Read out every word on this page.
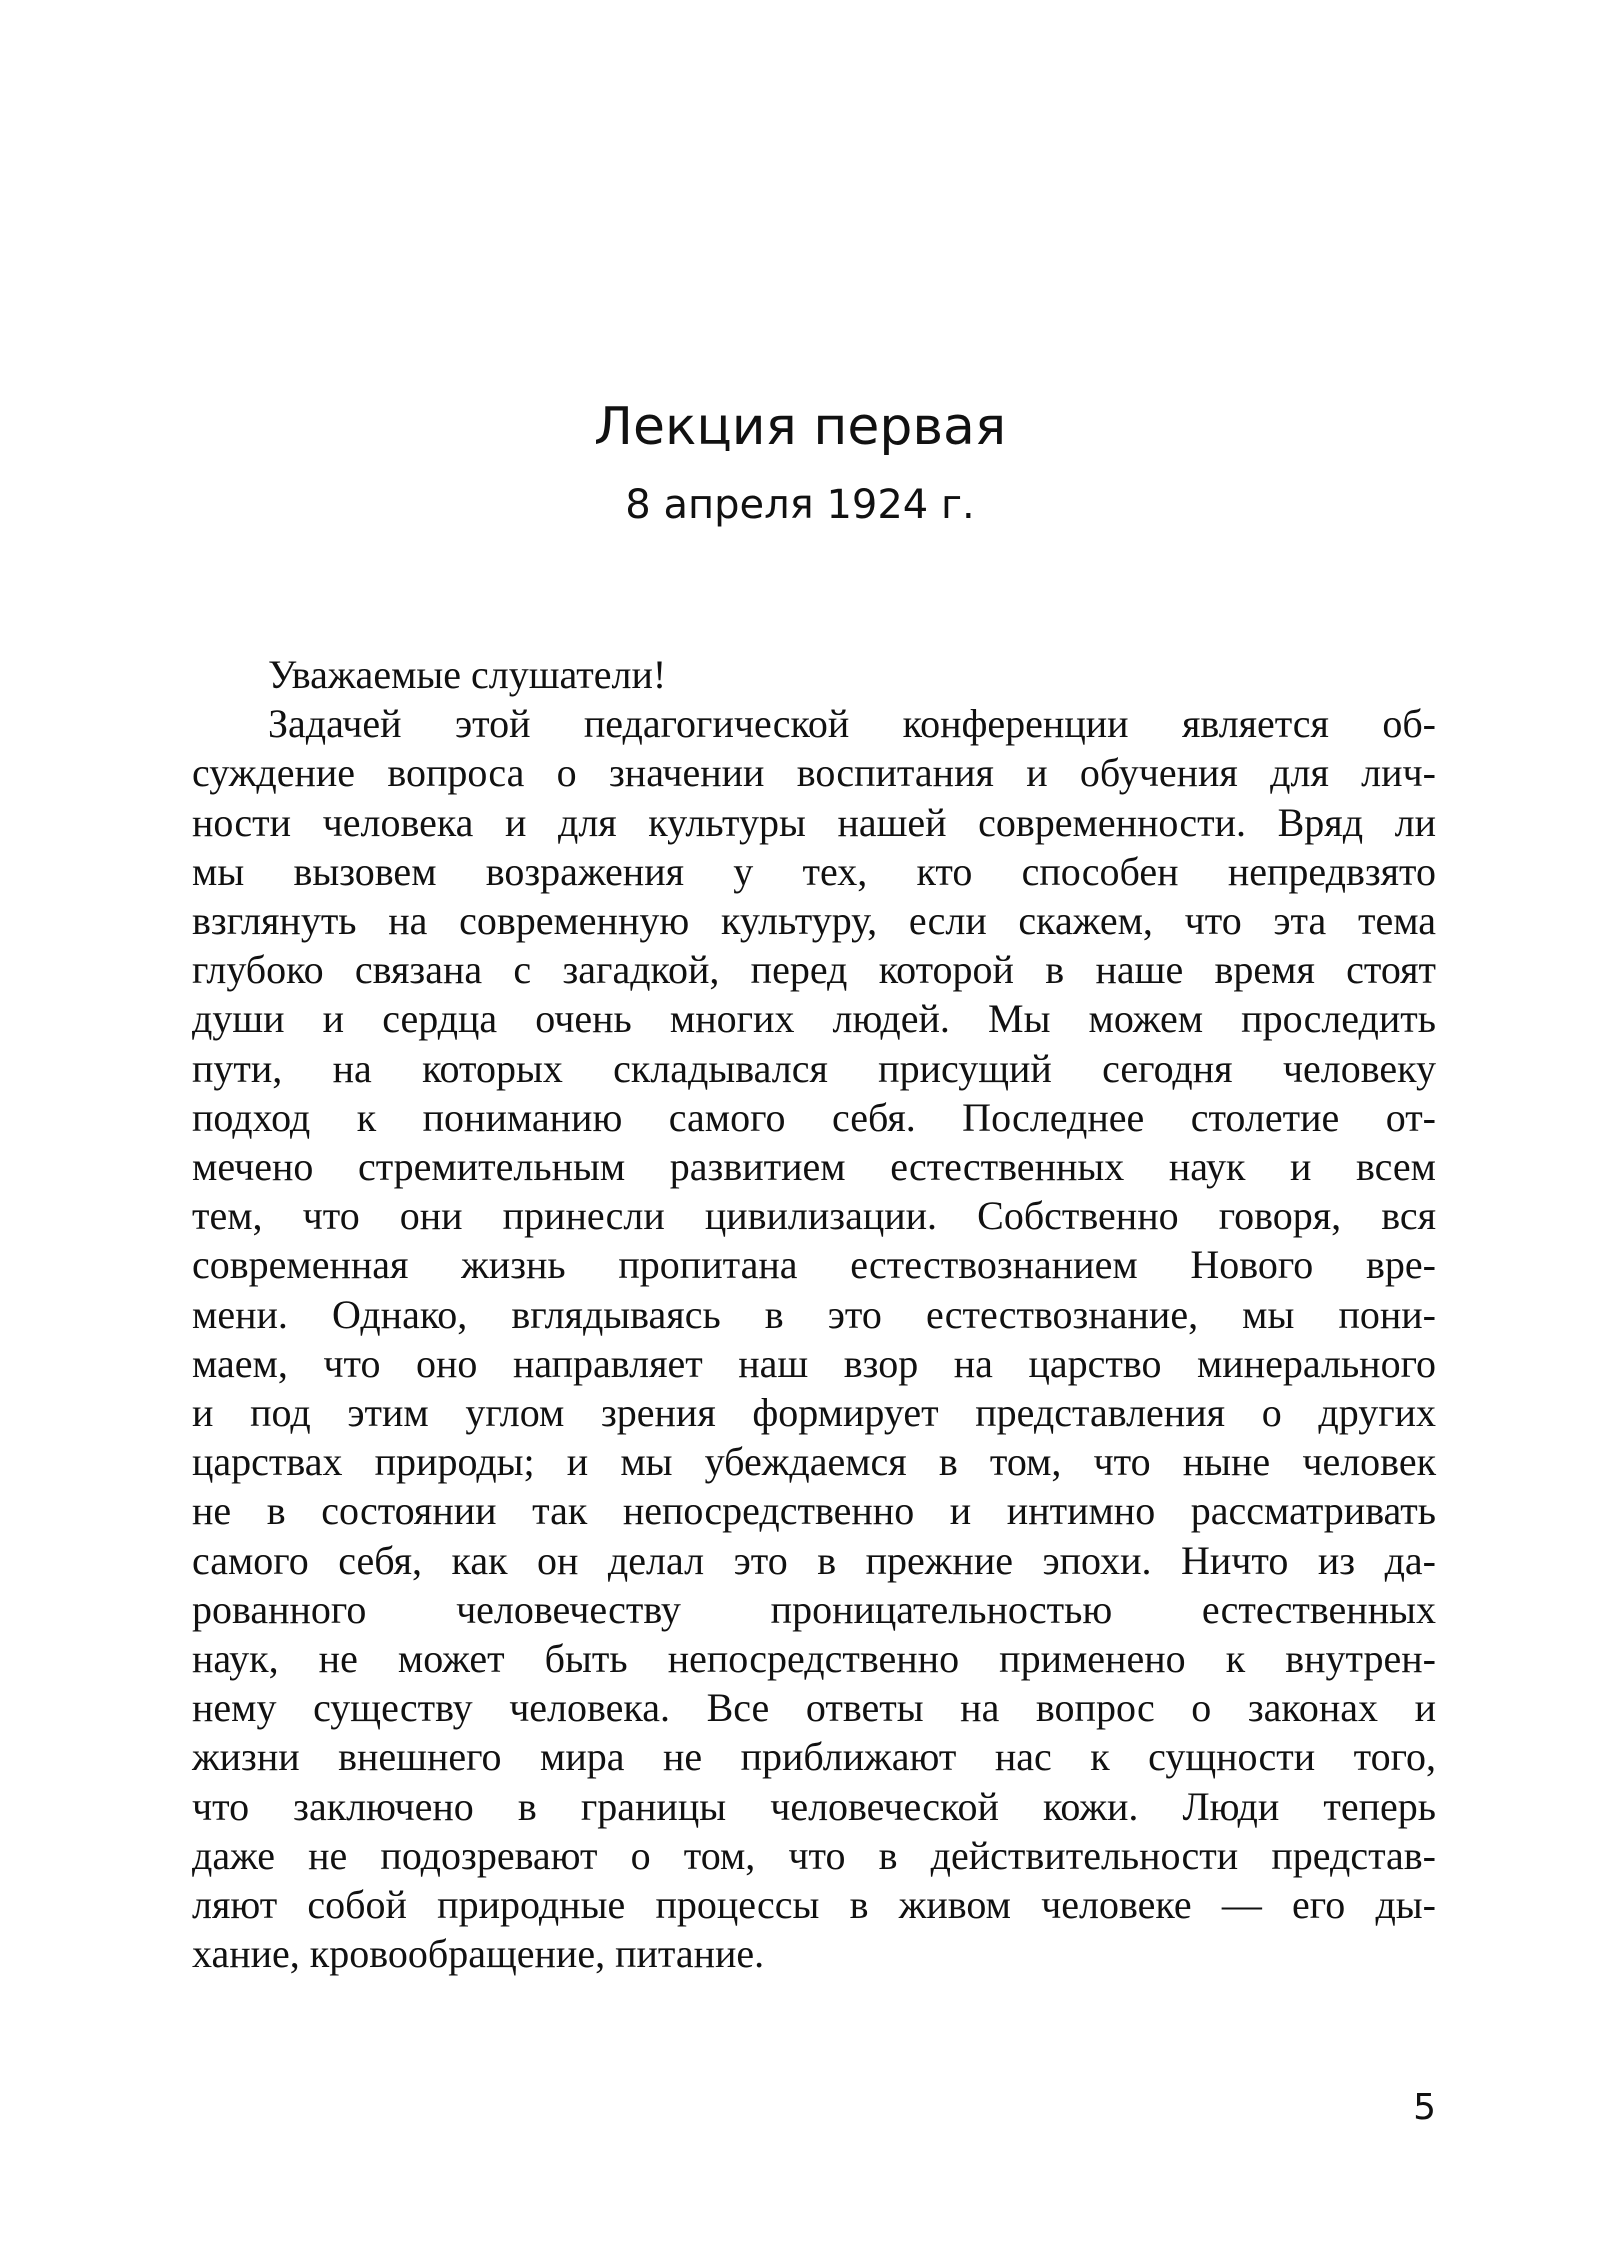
Лекция первая
8 апреля 1924 г.
Уважаемые слушатели!
Задачей этой педагогической конференции является об-
суждение вопроса о значении воспитания и обучения для лич-
ности человека и для культуры нашей современности. Вряд ли
мы вызовем возражения у тех, кто способен непредвзято
взглянуть на современную культуру, если скажем, что эта тема
глубоко связана с загадкой, перед которой в наше время стоят
души и сердца очень многих людей. Мы можем проследить
пути, на которых складывался присущий сегодня человеку
подход к пониманию самого себя. Последнее столетие от-
мечено стремительным развитием естественных наук и всем
тем, что они принесли цивилизации. Собственно говоря, вся
современная жизнь пропитана естествознанием Нового вре-
мени. Однако, вглядываясь в это естествознание, мы пони-
маем, что оно направляет наш взор на царство минерального
и под этим углом зрения формирует представления о других
царствах природы; и мы убеждаемся в том, что ныне человек
не в состоянии так непосредственно и интимно рассматривать
самого себя, как он делал это в прежние эпохи. Ничто из да-
рованного человечеству проницательностью естественных
наук, не может быть непосредственно применено к внутрен-
нему существу человека. Все ответы на вопрос о законах и
жизни внешнего мира не приближают нас к сущности того,
что заключено в границы человеческой кожи. Люди теперь
даже не подозревают о том, что в действительности представ-
ляют собой природные процессы в живом человеке — его ды-
хание, кровообращение, питание.
5
